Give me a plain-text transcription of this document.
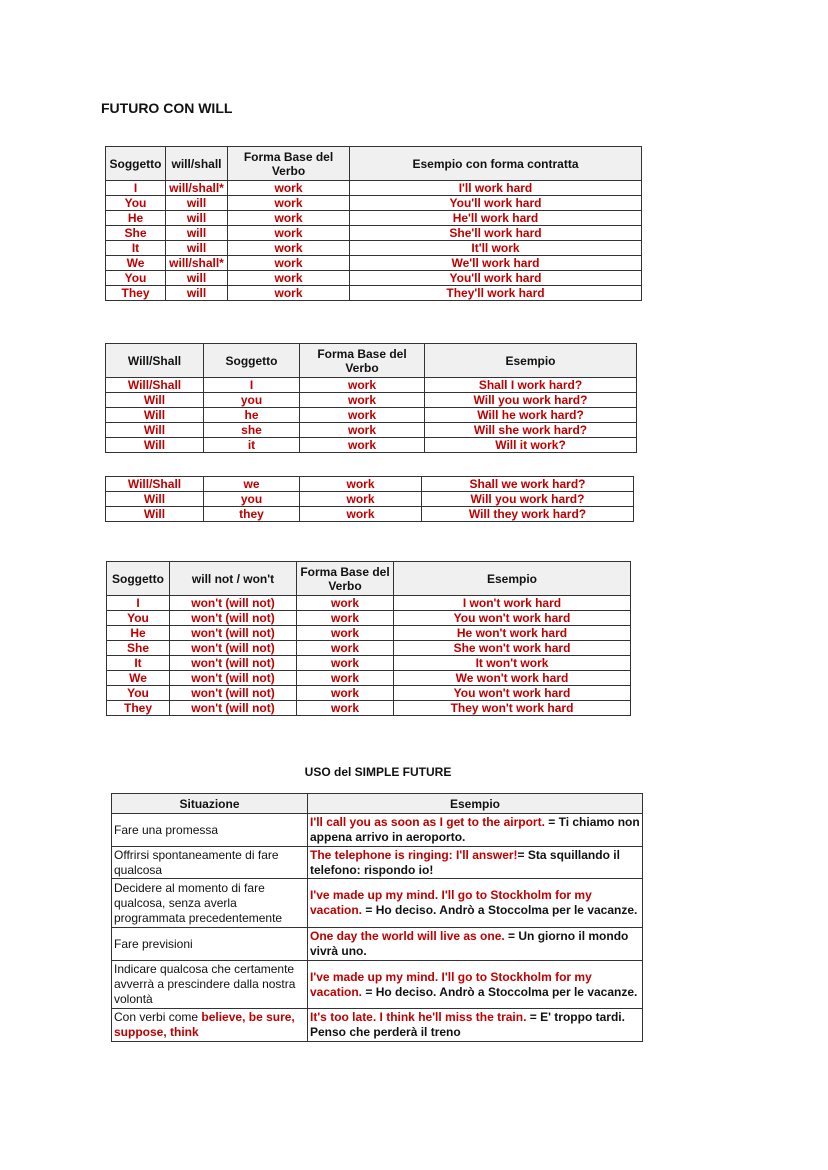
FUTURO CON WILL
Soggetto	will/shall	Forma Base del Verbo	Esempio con forma contratta
I	will/shall*	work	I'll work hard
You	will	work	You'll work hard
He	will	work	He'll work hard
She	will	work	She'll work hard
It	will	work	It'll work
We	will/shall*	work	We'll work hard
You	will	work	You'll work hard
They	will	work	They'll work hard
Will/Shall	Soggetto	Forma Base del Verbo	Esempio
Will/Shall	I	work	Shall I work hard?
Will	you	work	Will you work hard?
Will	he	work	Will he work hard?
Will	she	work	Will she work hard?
Will	it	work	Will it work?
Will/Shall	we	work	Shall we work hard?
Will	you	work	Will you work hard?
Will	they	work	Will they work hard?
Soggetto	will not / won't	Forma Base del Verbo	Esempio
I	won't (will not)	work	I won't work hard
You	won't (will not)	work	You won't work hard
He	won't (will not)	work	He won't work hard
She	won't (will not)	work	She won't work hard
It	won't (will not)	work	It won't work
We	won't (will not)	work	We won't work hard
You	won't (will not)	work	You won't work hard
They	won't (will not)	work	They won't work hard
USO del SIMPLE FUTURE
Situazione	Esempio
Fare una promessa	I'll call you as soon as I get to the airport. = Ti chiamo non appena arrivo in aeroporto.
Offrirsi spontaneamente di fare qualcosa	The telephone is ringing: I'll answer!= Sta squillando il telefono: rispondo io!
Decidere al momento di fare qualcosa, senza averla programmata precedentemente	I've made up my mind. I'll go to Stockholm for my vacation. = Ho deciso. Andrò a Stoccolma per le vacanze.
Fare previsioni	One day the world will live as one. = Un giorno il mondo vivrà uno.
Indicare qualcosa che certamente avverrà a prescindere dalla nostra volontà	I've made up my mind. I'll go to Stockholm for my vacation. = Ho deciso. Andrò a Stoccolma per le vacanze.
Con verbi come believe, be sure, suppose, think	It's too late. I think he'll miss the train. = E' troppo tardi. Penso che perderà il treno
